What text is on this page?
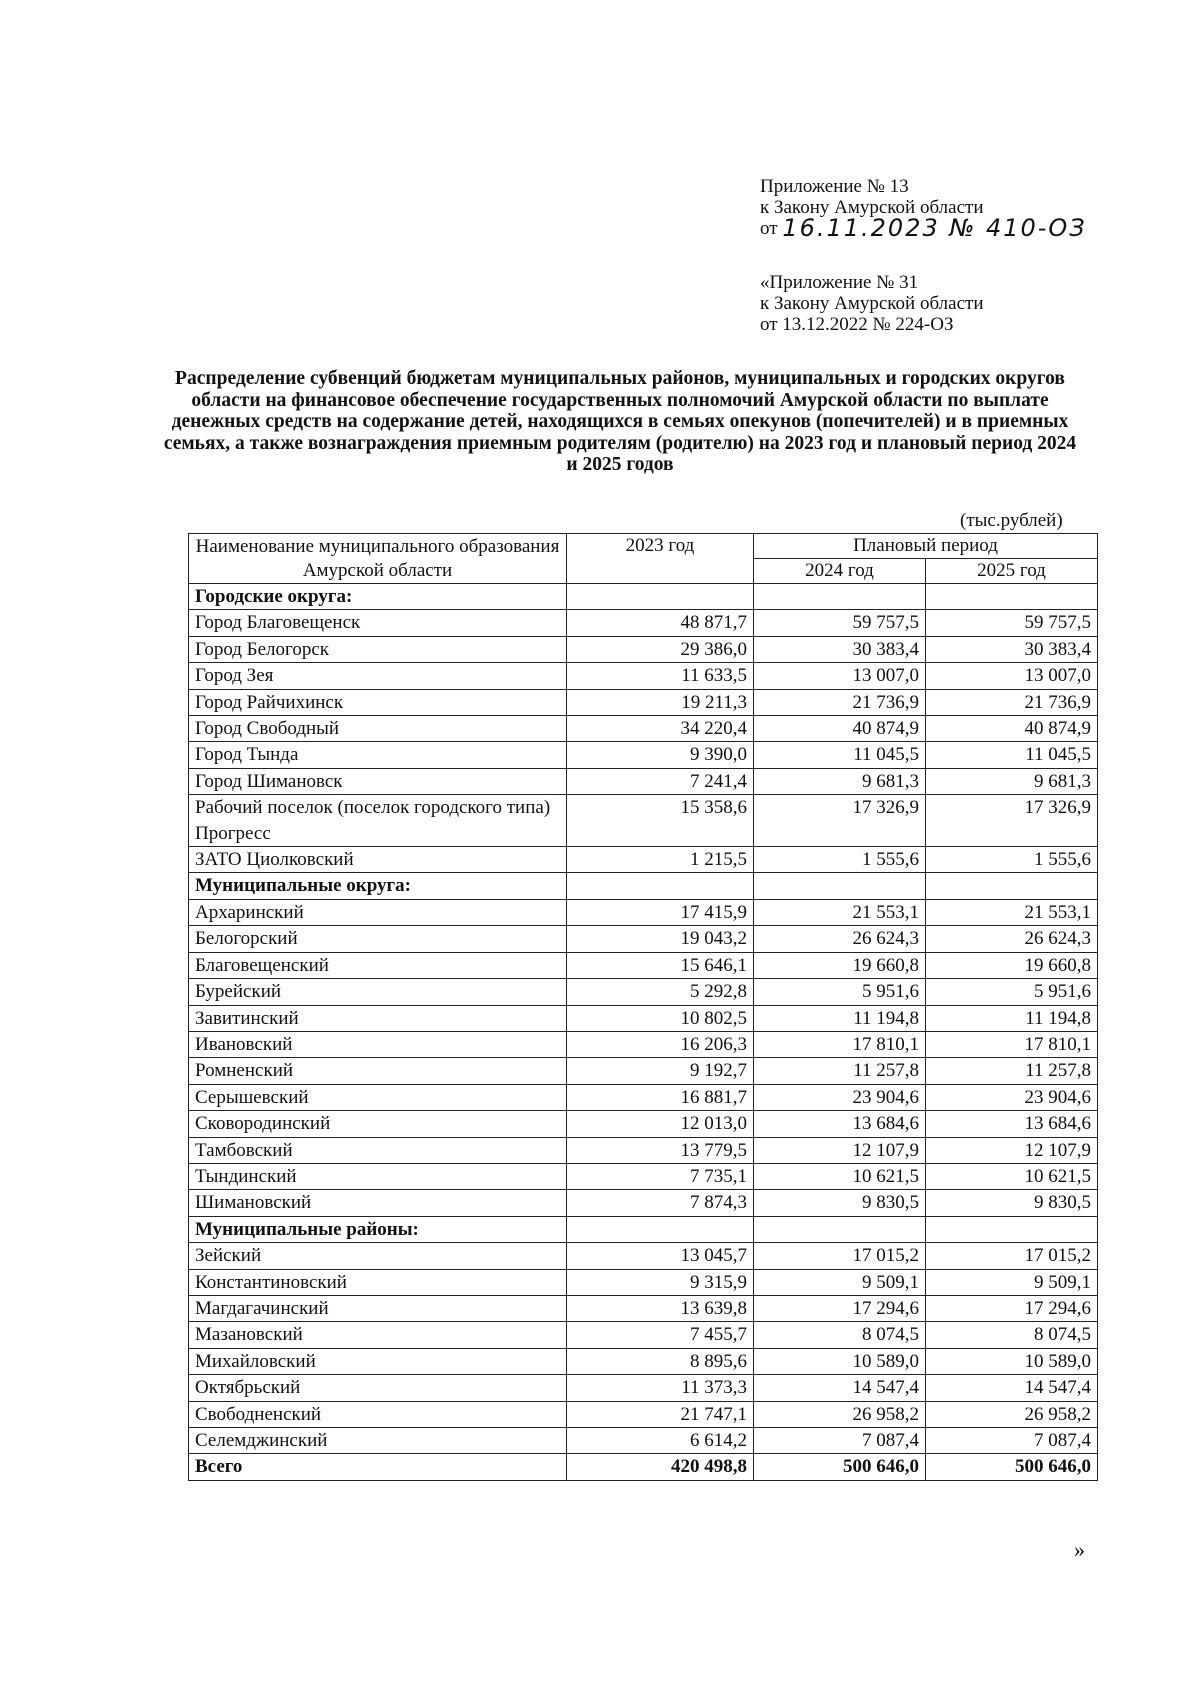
Приложение № 13
к Закону Амурской области
от 16.11.2023 № 410-ОЗ
«Приложение № 31
к Закону Амурской области
от 13.12.2022 № 224-ОЗ
Распределение субвенций бюджетам муниципальных районов, муниципальных и городских округов области на финансовое обеспечение государственных полномочий Амурской области по выплате денежных средств на содержание детей, находящихся в семьях опекунов (попечителей) и в приемных семьях, а также вознаграждения приемным родителям (родителю) на 2023 год и плановый период 2024 и 2025 годов
(тыс.рублей)
Наименование муниципального образования Амурской области	2023 год	Плановый период	
		2024 год	2025 год
Городские округа:			
Город Благовещенск	48 871,7	59 757,5	59 757,5
Город Белогорск	29 386,0	30 383,4	30 383,4
Город Зея	11 633,5	13 007,0	13 007,0
Город Райчихинск	19 211,3	21 736,9	21 736,9
Город Свободный	34 220,4	40 874,9	40 874,9
Город Тында	9 390,0	11 045,5	11 045,5
Город Шимановск	7 241,4	9 681,3	9 681,3
Рабочий поселок (поселок городского типа) Прогресс	15 358,6	17 326,9	17 326,9
ЗАТО Циолковский	1 215,5	1 555,6	1 555,6
Муниципальные округа:			
Архаринский	17 415,9	21 553,1	21 553,1
Белогорский	19 043,2	26 624,3	26 624,3
Благовещенский	15 646,1	19 660,8	19 660,8
Бурейский	5 292,8	5 951,6	5 951,6
Завитинский	10 802,5	11 194,8	11 194,8
Ивановский	16 206,3	17 810,1	17 810,1
Ромненский	9 192,7	11 257,8	11 257,8
Серышевский	16 881,7	23 904,6	23 904,6
Сковородинский	12 013,0	13 684,6	13 684,6
Тамбовский	13 779,5	12 107,9	12 107,9
Тындинский	7 735,1	10 621,5	10 621,5
Шимановский	7 874,3	9 830,5	9 830,5
Муниципальные районы:			
Зейский	13 045,7	17 015,2	17 015,2
Константиновский	9 315,9	9 509,1	9 509,1
Магдагачинский	13 639,8	17 294,6	17 294,6
Мазановский	7 455,7	8 074,5	8 074,5
Михайловский	8 895,6	10 589,0	10 589,0
Октябрьский	11 373,3	14 547,4	14 547,4
Свободненский	21 747,1	26 958,2	26 958,2
Селемджинский	6 614,2	7 087,4	7 087,4
Всего	420 498,8	500 646,0	500 646,0
»
